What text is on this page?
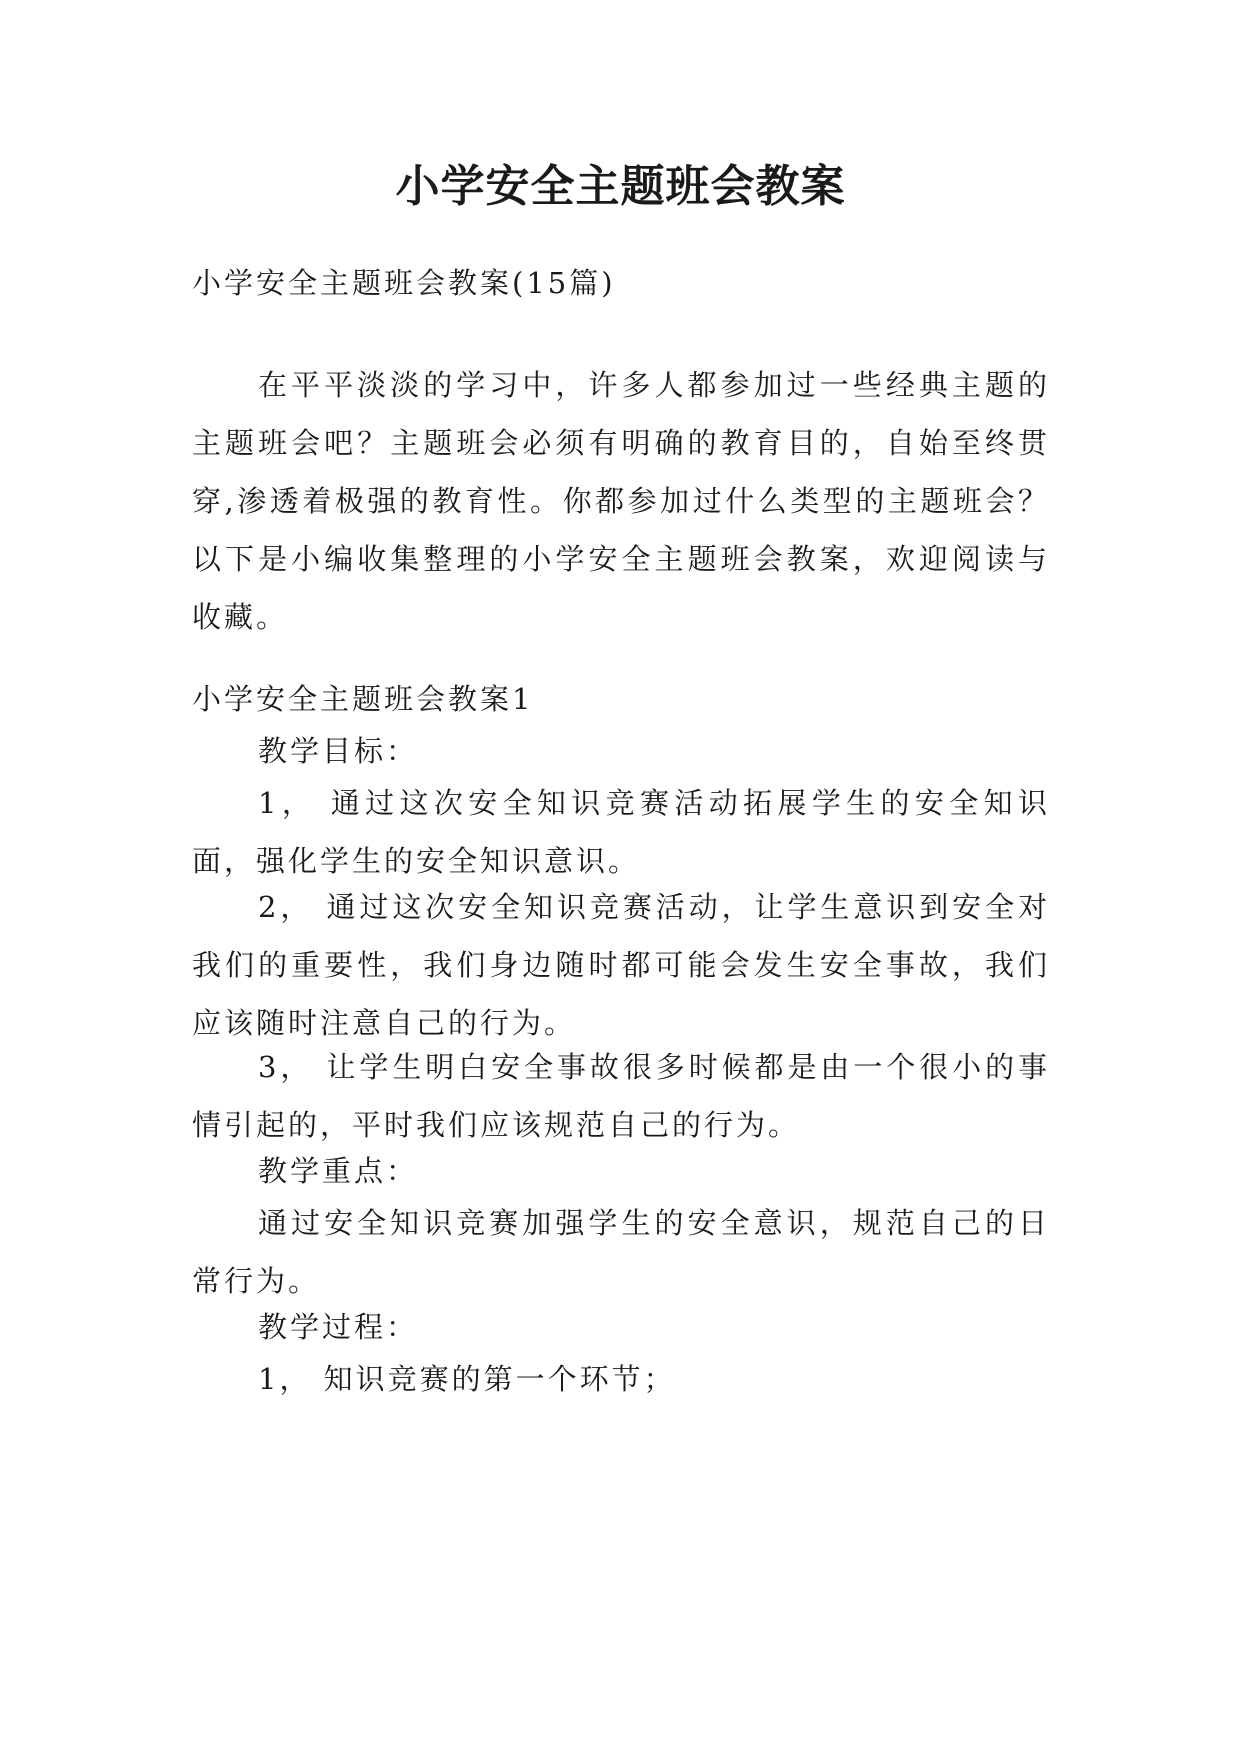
小学安全主题班会教案

小学安全主题班会教案(15篇)

在平平淡淡的学习中，许多人都参加过一些经典主题的主题班会吧？主题班会必须有明确的教育目的，自始至终贯穿,渗透着极强的教育性。你都参加过什么类型的主题班会？以下是小编收集整理的小学安全主题班会教案，欢迎阅读与收藏。

小学安全主题班会教案1

教学目标：

1， 通过这次安全知识竞赛活动拓展学生的安全知识面，强化学生的安全知识意识。

2， 通过这次安全知识竞赛活动，让学生意识到安全对我们的重要性，我们身边随时都可能会发生安全事故，我们应该随时注意自己的行为。

3， 让学生明白安全事故很多时候都是由一个很小的事情引起的，平时我们应该规范自己的行为。

教学重点：

通过安全知识竞赛加强学生的安全意识，规范自己的日常行为。

教学过程：

1， 知识竞赛的第一个环节；
